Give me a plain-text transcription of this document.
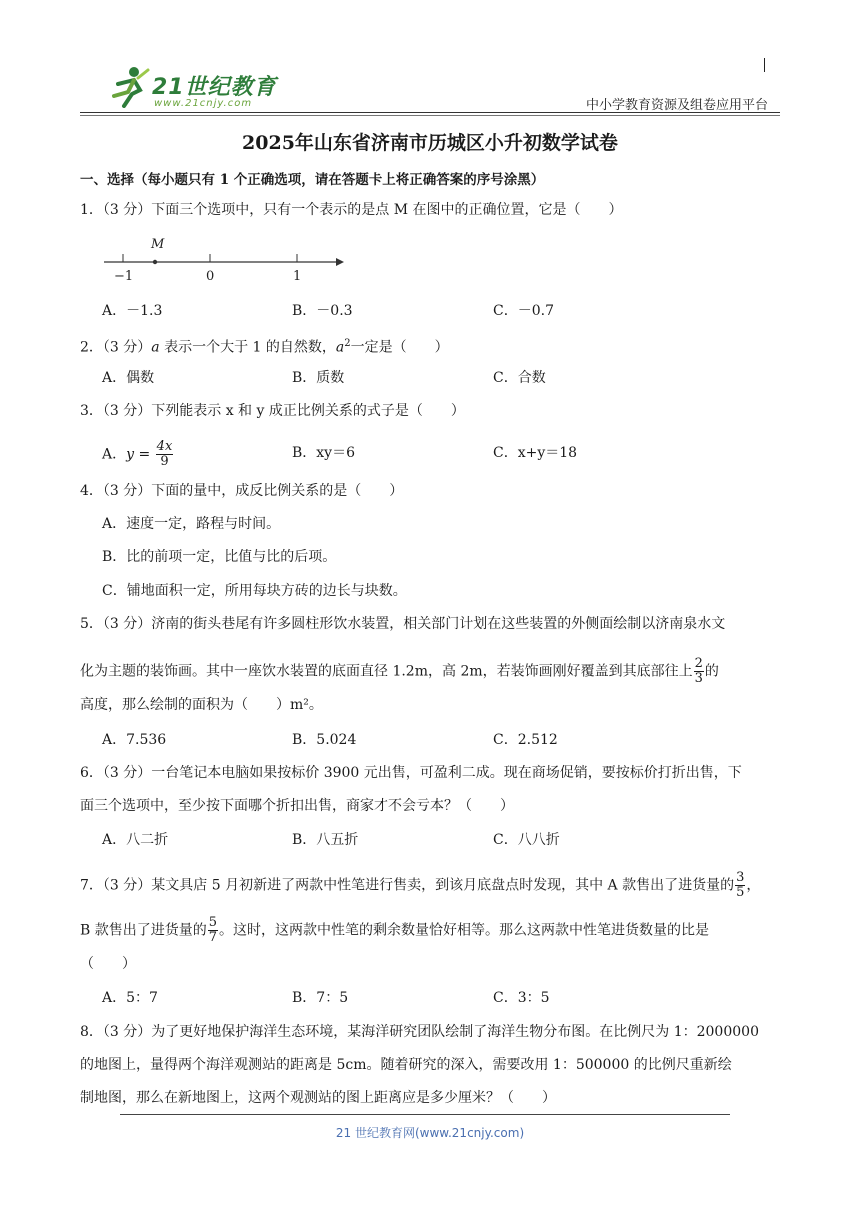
21世纪教育
www.21cnjy.com	中小学教育资源及组卷应用平台
2025年山东省济南市历城区小升初数学试卷
一、选择（每小题只有 1 个正确选项，请在答题卡上将正确答案的序号涂黑）
1．（3 分）下面三个选项中，只有一个表示的是点 M 在图中的正确位置，它是（　　）
M
−1	0	1
A．－1.3	B．－0.3	C．－0.7
2．（3 分）a 表示一个大于 1 的自然数，$a^2$一定是（　　）
A．偶数	B．质数	C．合数
3．（3 分）下列能表示 x 和 y 成正比例关系的式子是（　　）
A．$y = \frac{4x}{9}$	B．xy＝6	C．x+y＝18
4．（3 分）下面的量中，成反比例关系的是（　　）
A．速度一定，路程与时间。
B．比的前项一定，比值与比的后项。
C．铺地面积一定，所用每块方砖的边长与块数。
5．（3 分）济南的街头巷尾有许多圆柱形饮水装置，相关部门计划在这些装置的外侧面绘制以济南泉水文
化为主题的装饰画。其中一座饮水装置的底面直径 1.2m，高 2m，若装饰画刚好覆盖到其底部往上 $\frac{2}{3}$ 的
高度，那么绘制的面积为（　　）m²。
A．7.536	B．5.024	C．2.512
6．（3 分）一台笔记本电脑如果按标价 3900 元出售，可盈利二成。现在商场促销，要按标价打折出售，下
面三个选项中，至少按下面哪个折扣出售，商家才不会亏本？（　　）
A．八二折	B．八五折	C．八八折
7．（3 分）某文具店 5 月初新进了两款中性笔进行售卖，到该月底盘点时发现，其中 A 款售出了进货量的 $\frac{3}{5}$ ，
B 款售出了进货量的 $\frac{5}{7}$ 。这时，这两款中性笔的剩余数量恰好相等。那么这两款中性笔进货数量的比是
（　　）
A．5：7	B．7：5	C．3：5
8．（3 分）为了更好地保护海洋生态环境，某海洋研究团队绘制了海洋生物分布图。在比例尺为 1：2000000
的地图上，量得两个海洋观测站的距离是 5cm。随着研究的深入，需要改用 1：500000 的比例尺重新绘
制地图，那么在新地图上，这两个观测站的图上距离应是多少厘米？（　　）
21 世纪教育网(www.21cnjy.com)
